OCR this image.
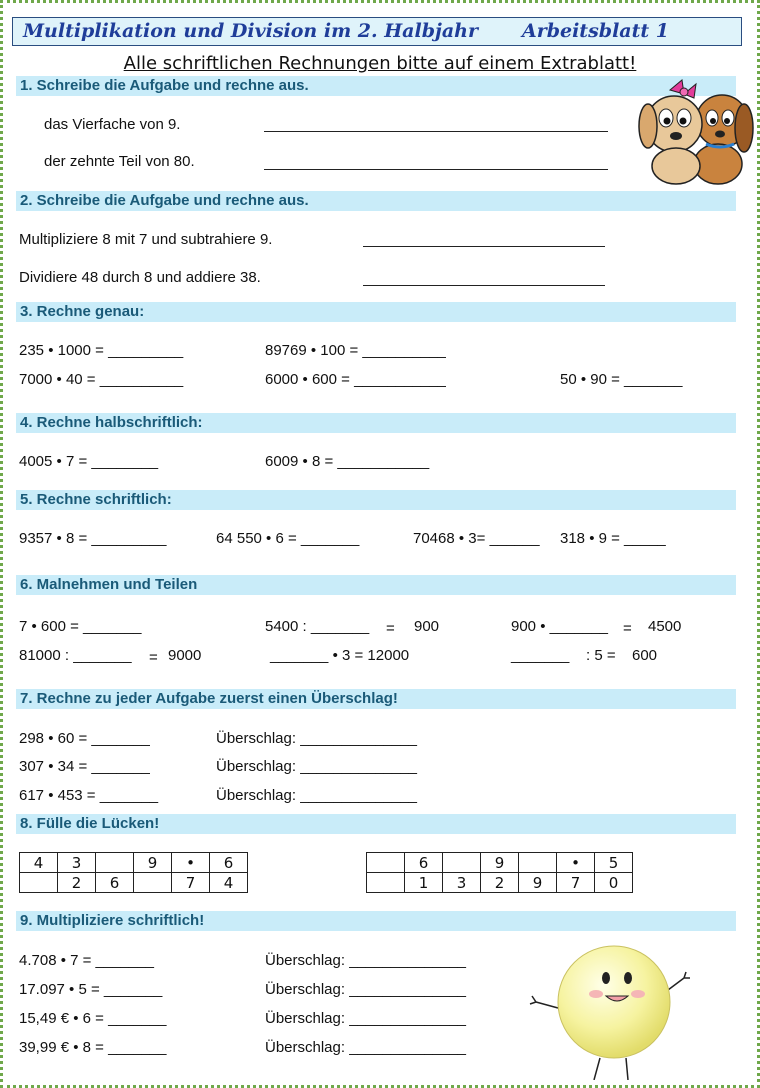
Multiplikation und Division im 2. Halbjahr Arbeitsblatt 1
Alle schriftlichen Rechnungen bitte auf einem Extrablatt!
1. Schreibe die Aufgabe und rechne aus.
das Vierfache von 9.
der zehnte Teil von 80.
2. Schreibe die Aufgabe und rechne aus.
Multipliziere 8 mit 7 und subtrahiere 9.
Dividiere 48 durch 8 und addiere 38.
3. Rechne genau:
235 • 1000 = _________	89769 • 100 = __________
7000 • 40 = __________	6000 • 600 = ___________	50 • 90 = _______
4. Rechne halbschriftlich:
4005 • 7 = ________	6009 • 8 = ___________
5. Rechne schriftlich:
9357 • 8 = _________	64 550 • 6 = _______	70468 • 3= ______ 318 • 9 = _____
6. Malnehmen und Teilen
7 • 600 = _______	5400 : _______ = 900	900 • _______ = 4500
81000 : _______ = 9000	_______ • 3 = 12000	_______ : 5 = 600
7. Rechne zu jeder Aufgabe zuerst einen Überschlag!
298 • 60 = _______	Überschlag: ______________
307 • 34 = _______	Überschlag: ______________
617 • 453 = _______	Überschlag: ______________
8. Fülle die Lücken!
4	3		9	•	6
	2	6		7	4
	6		9		•	5
	1	3	2	9	7	0
9. Multipliziere schriftlich!
4.708 • 7 = _______	Überschlag: ______________
17.097 • 5 = _______	Überschlag: ______________
15,49 € • 6 = _______	Überschlag: ______________
39,99 € • 8 = _______	Überschlag: ______________
